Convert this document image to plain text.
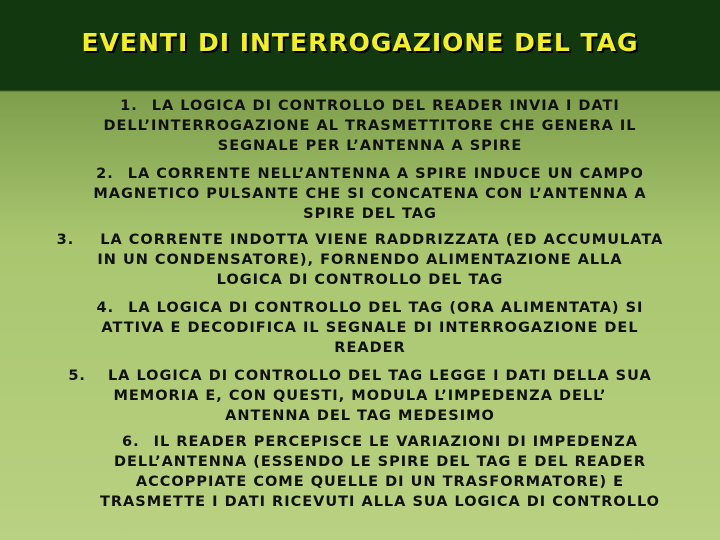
EVENTI DI INTERROGAZIONE DEL TAG
1. LA LOGICA DI CONTROLLO DEL READER INVIA I DATI
DELL’INTERROGAZIONE AL TRASMETTITORE CHE GENERA IL
SEGNALE PER L’ANTENNA A SPIRE
2. LA CORRENTE NELL’ANTENNA A SPIRE INDUCE UN CAMPO
MAGNETICO PULSANTE CHE SI CONCATENA CON L’ANTENNA A
SPIRE DEL TAG
3. LA CORRENTE INDOTTA VIENE RADDRIZZATA (ED ACCUMULATA
IN UN CONDENSATORE), FORNENDO ALIMENTAZIONE ALLA
LOGICA DI CONTROLLO DEL TAG
4. LA LOGICA DI CONTROLLO DEL TAG (ORA ALIMENTATA) SI
ATTIVA E DECODIFICA IL SEGNALE DI INTERROGAZIONE DEL
READER
5. LA LOGICA DI CONTROLLO DEL TAG LEGGE I DATI DELLA SUA
MEMORIA E, CON QUESTI, MODULA L’IMPEDENZA DELL’
ANTENNA DEL TAG MEDESIMO
6. IL READER PERCEPISCE LE VARIAZIONI DI IMPEDENZA
DELL’ANTENNA (ESSENDO LE SPIRE DEL TAG E DEL READER
ACCOPPIATE COME QUELLE DI UN TRASFORMATORE) E
TRASMETTE I DATI RICEVUTI ALLA SUA LOGICA DI CONTROLLO
